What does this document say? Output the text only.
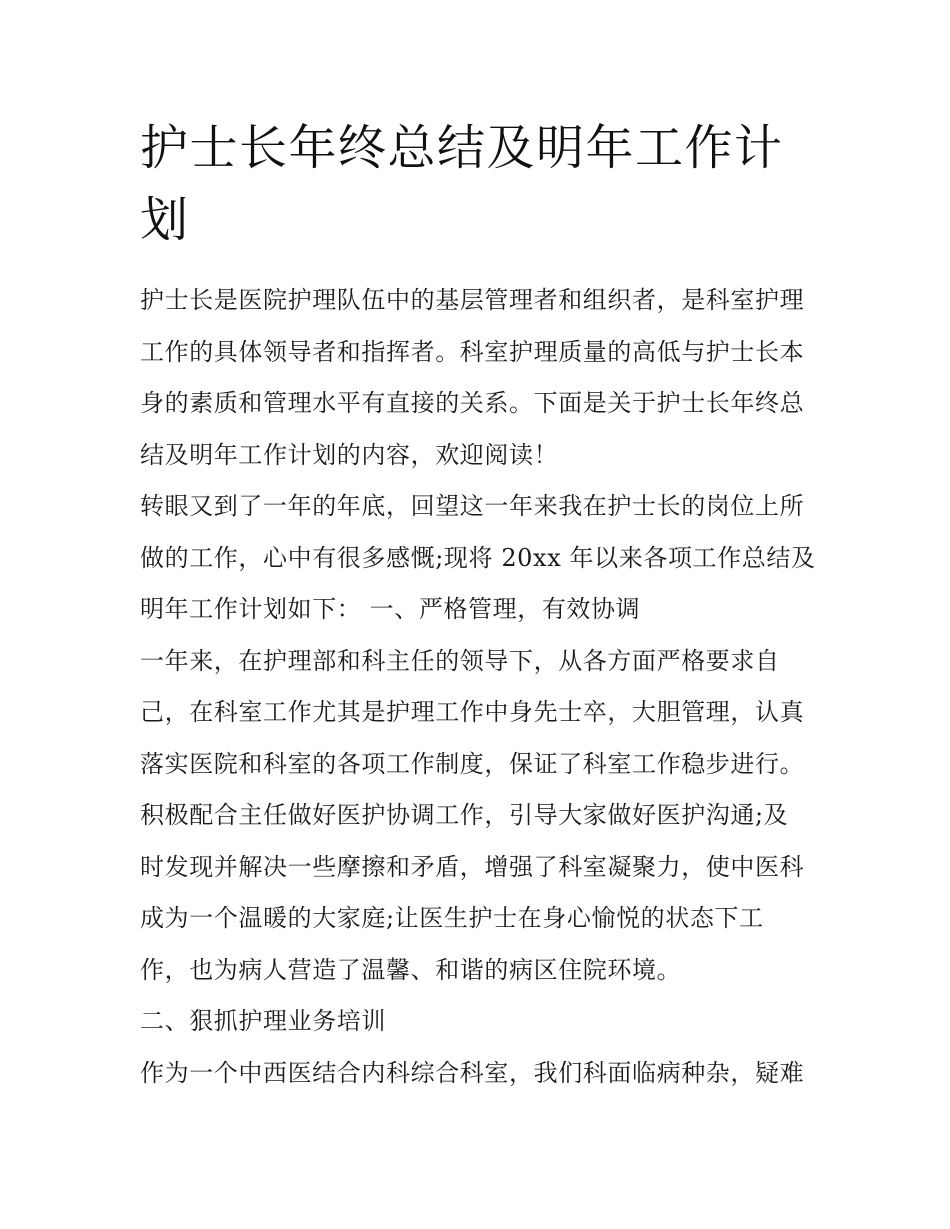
护士长年终总结及明年工作计
划
护士长是医院护理队伍中的基层管理者和组织者，是科室护理
工作的具体领导者和指挥者。科室护理质量的高低与护士长本
身的素质和管理水平有直接的关系。下面是关于护士长年终总
结及明年工作计划的内容，欢迎阅读！
转眼又到了一年的年底，回望这一年来我在护士长的岗位上所
做的工作，心中有很多感慨;现将 20xx 年以来各项工作总结及
明年工作计划如下： 一、严格管理，有效协调
一年来，在护理部和科主任的领导下，从各方面严格要求自
己，在科室工作尤其是护理工作中身先士卒，大胆管理，认真
落实医院和科室的各项工作制度，保证了科室工作稳步进行。
积极配合主任做好医护协调工作，引导大家做好医护沟通;及
时发现并解决一些摩擦和矛盾，增强了科室凝聚力，使中医科
成为一个温暖的大家庭;让医生护士在身心愉悦的状态下工
作，也为病人营造了温馨、和谐的病区住院环境。
二、狠抓护理业务培训
作为一个中西医结合内科综合科室，我们科面临病种杂，疑难
